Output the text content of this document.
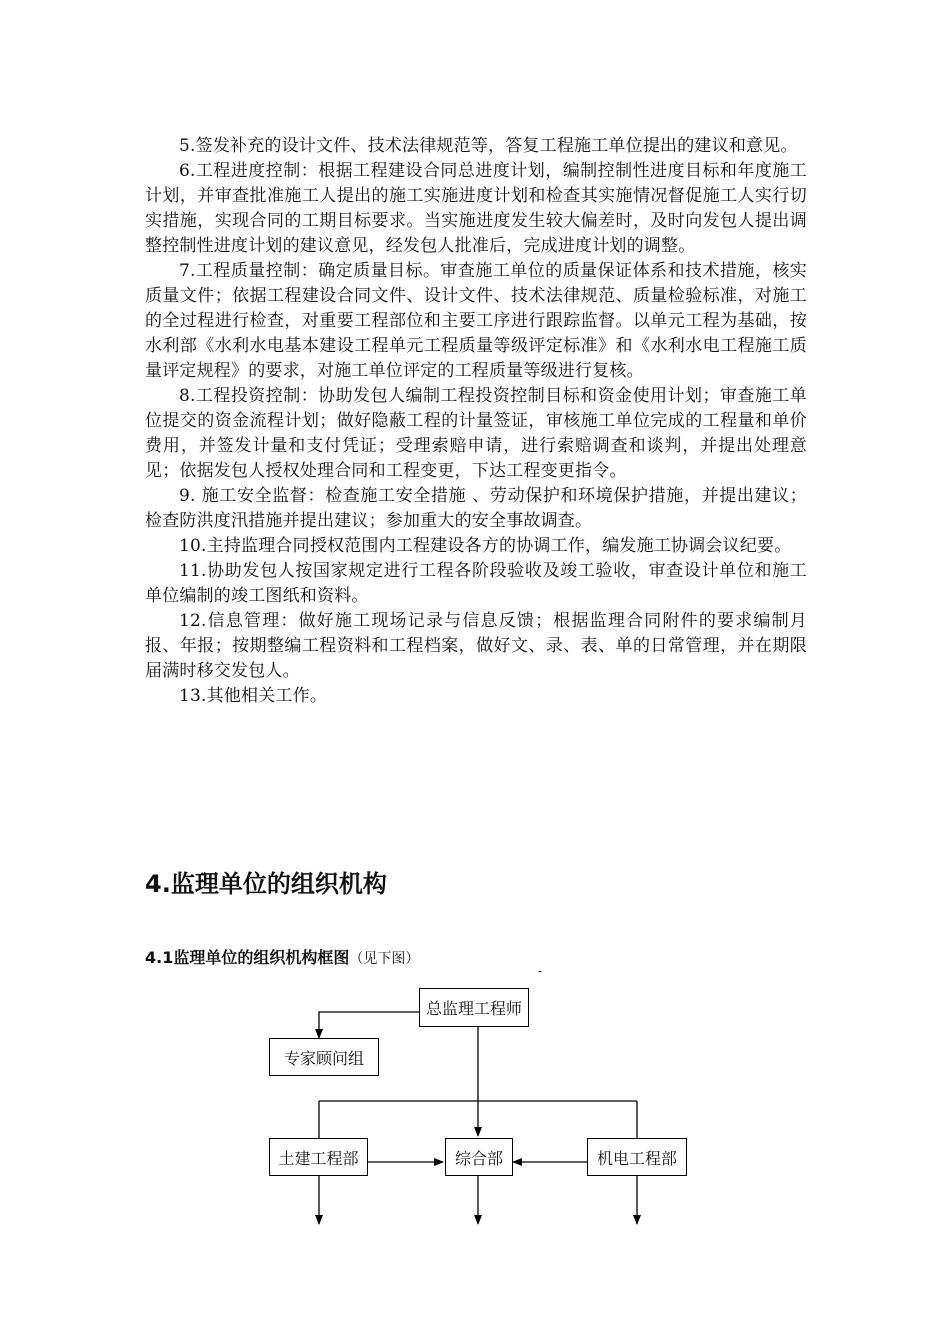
5.签发补充的设计文件、技术法律规范等，答复工程施工单位提出的建议和意见。

6.工程进度控制：根据工程建设合同总进度计划，编制控制性进度目标和年度施工计划，并审查批准施工人提出的施工实施进度计划和检查其实施情况督促施工人实行切实措施，实现合同的工期目标要求。当实施进度发生较大偏差时，及时向发包人提出调整控制性进度计划的建议意见，经发包人批准后，完成进度计划的调整。

7.工程质量控制：确定质量目标。审查施工单位的质量保证体系和技术措施，核实质量文件；依据工程建设合同文件、设计文件、技术法律规范、质量检验标准，对施工的全过程进行检查，对重要工程部位和主要工序进行跟踪监督。以单元工程为基础，按水利部《水利水电基本建设工程单元工程质量等级评定标准》和《水利水电工程施工质量评定规程》的要求，对施工单位评定的工程质量等级进行复核。

8.工程投资控制：协助发包人编制工程投资控制目标和资金使用计划；审查施工单位提交的资金流程计划；做好隐蔽工程的计量签证，审核施工单位完成的工程量和单价费用，并签发计量和支付凭证；受理索赔申请，进行索赔调查和谈判，并提出处理意见；依据发包人授权处理合同和工程变更，下达工程变更指令。

9. 施工安全监督：检查施工安全措施 、劳动保护和环境保护措施，并提出建议；检查防洪度汛措施并提出建议；参加重大的安全事故调查。

10.主持监理合同授权范围内工程建设各方的协调工作，编发施工协调会议纪要。

11.协助发包人按国家规定进行工程各阶段验收及竣工验收，审查设计单位和施工单位编制的竣工图纸和资料。

12.信息管理：做好施工现场记录与信息反馈；根据监理合同附件的要求编制月报、年报；按期整编工程资料和工程档案，做好文、录、表、单的日常管理，并在期限届满时移交发包人。

13.其他相关工作。

4.监理单位的组织机构

4.1监理单位的组织机构框图（见下图）

-
总监理工程师
专家顾问组
土建工程部	综合部	机电工程部
